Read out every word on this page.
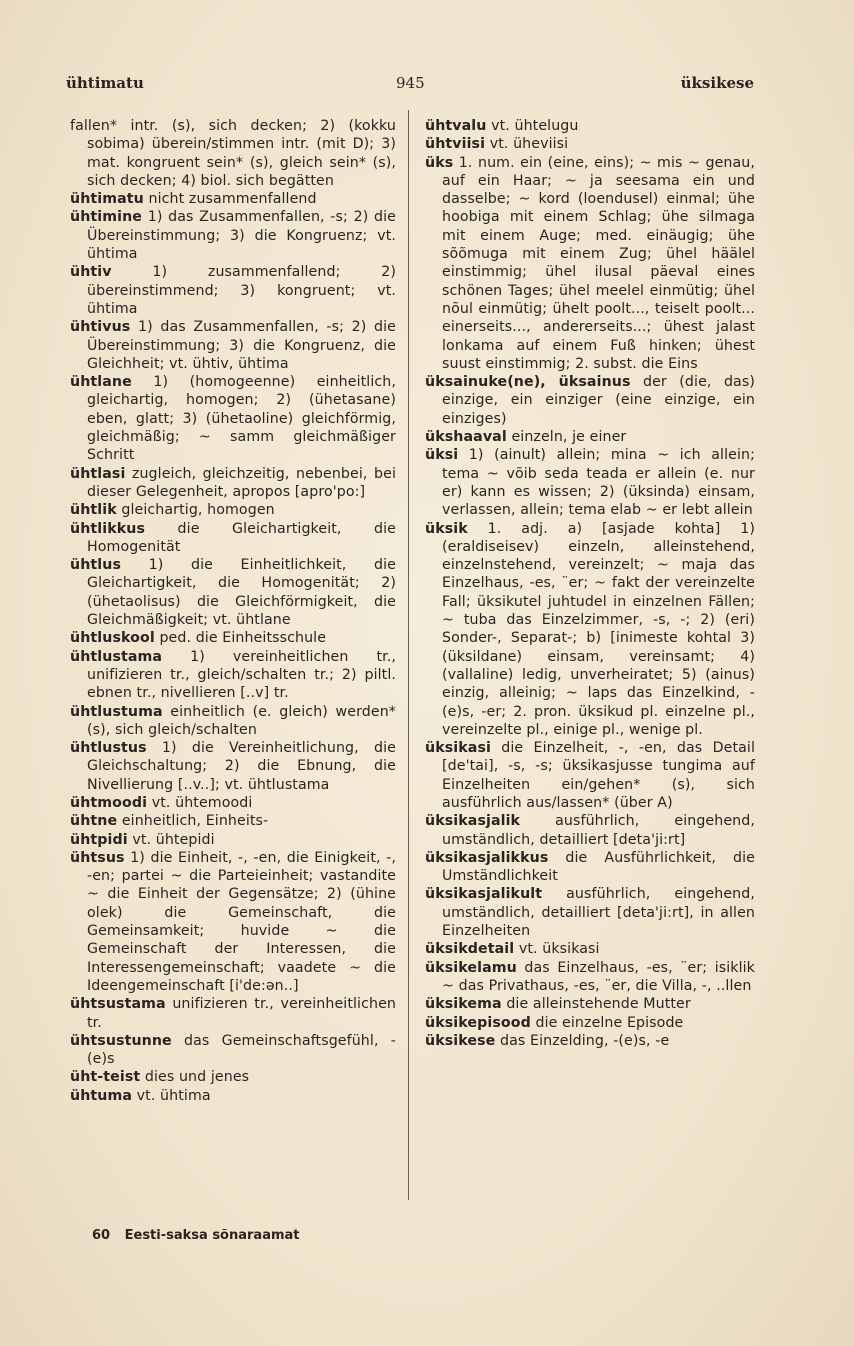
ühtimatu	945	üksikese

fallen* intr. (s), sich decken; 2) (kokku sobima) überein/stimmen intr. (mit D); 3) mat. kongruent sein* (s), gleich sein* (s), sich decken; 4) biol. sich begätten

ühtimatu nicht zusammenfallend

ühtimine 1) das Zusammenfallen, -s; 2) die Übereinstimmung; 3) die Kongruenz; vt. ühtima

ühtiv	1) zusammenfallend; 2) übereinstimmend; 3) kongruent; vt. ühtima

ühtivus 1) das Zusammenfallen, -s; 2) die Übereinstimmung; 3) die Kongruenz, die Gleichheit; vt. ühtiv, ühtima

ühtlane 1) (homogeenne) einheitlich, gleichartig, homogen; 2) (ühetasane) eben, glatt; 3) (ühetaoline) gleichförmig, gleichmäßig; ~ samm gleichmäßiger Schritt

ühtlasi zugleich, gleichzeitig, nebenbei, bei dieser Gelegenheit, apropos [apro'po:]

ühtlik gleichartig, homogen

ühtlikkus die Gleichartigkeit, die Homogenität

ühtlus 1) die Einheitlichkeit, die Gleichartigkeit, die Homogenität; 2) (ühetaolisus) die Gleichförmigkeit, die Gleichmäßigkeit; vt. ühtlane

ühtluskool ped. die Einheitsschule

ühtlustama 1) vereinheitlichen tr., unifizieren tr., gleich/schalten tr.; 2) piltl. ebnen tr., nivellieren [..v] tr.

ühtlustuma einheitlich (e. gleich) werden* (s), sich gleich/schalten

ühtlustus 1) die Vereinheitlichung, die Gleichschaltung; 2) die Ebnung, die Nivellierung [..v..]; vt. ühtlustama

ühtmoodi vt. ühtemoodi

ühtne einheitlich, Einheits-

ühtpidi vt. ühtepidi

ühtsus 1) die Einheit, -, -en, die Einigkeit, -, -en; partei ~ die Parteieinheit; vastandite ~ die Einheit der Gegensätze; 2) (ühine olek) die Gemeinschaft, die Gemeinsamkeit; huvide ~ die Gemeinschaft der Interessen, die Interessengemeinschaft; vaadete ~ die Ideengemeinschaft [i'de:ən..]

ühtsustama unifizieren tr., vereinheitlichen tr.

ühtsustunne das Gemeinschaftsgefühl, -(e)s

üht-teist dies und jenes

ühtuma vt. ühtima

ühtvalu vt. ühtelugu

ühtviisi vt. üheviisi

üks 1. num. ein (eine, eins); ~ mis ~ genau, auf ein Haar; ~ ja seesama ein und dasselbe; ~ kord (loendusel) einmal; ühe hoobiga mit einem Schlag; ühe silmaga mit einem Auge; med. einäugig; ühe sõõmuga mit einem Zug; ühel häälel einstimmig; ühel ilusal päeval eines schönen Tages; ühel meelel einmütig; ühel nõul einmütig; ühelt poolt..., teiselt poolt... einerseits..., andererseits...; ühest jalast lonkama auf einem Fuß hinken; ühest suust einstimmig; 2. subst. die Eins

üksainuke(ne), üksainus der (die, das) einzige, ein einziger (eine einzige, ein einziges)

ükshaaval einzeln, je einer

üksi 1) (ainult) allein; mina ~ ich allein; tema ~ võib seda teada er allein (e. nur er) kann es wissen; 2) (üksinda) einsam, verlassen, allein; tema elab ~ er lebt allein

üksik 1. adj. a) [asjade kohta] 1) (eraldiseisev) einzeln, alleinstehend, einzelnstehend, vereinzelt; ~ maja das Einzelhaus, -es, ¨er; ~ fakt der vereinzelte Fall; üksikutel juhtudel in einzelnen Fällen; ~ tuba das Einzelzimmer, -s, -; 2) (eri) Sonder-, Separat-; b) [inimeste kohtal 3) (üksildane) einsam, vereinsamt; 4) (vallaline) ledig, unverheiratet; 5) (ainus) einzig, alleinig; ~ laps das Einzelkind, -(e)s, -er; 2. pron. üksikud pl. einzelne pl., vereinzelte pl., einige pl., wenige pl.

üksikasi die Einzelheit, -, -en, das Detail [de'tai], -s, -s; üksikasjusse tungima auf Einzelheiten ein/gehen* (s), sich ausführlich aus/lassen* (über A)

üksikasjalik ausführlich, eingehend, umständlich, detailliert [deta'ji:rt]

üksikasjalikkus die Ausführlichkeit, die Umständlichkeit

üksikasjalikult ausführlich, eingehend, umständlich, detailliert [deta'ji:rt], in allen Einzelheiten

üksikdetail vt. üksikasi

üksikelamu das Einzelhaus, -es, ¨er; isiklik ~ das Privathaus, -es, ¨er, die Villa, -, ..llen

üksikema die alleinstehende Mutter

üksikepisood die einzelne Episode

üksikese das Einzelding, -(e)s, -e

60 Eesti-saksa sõnaraamat
